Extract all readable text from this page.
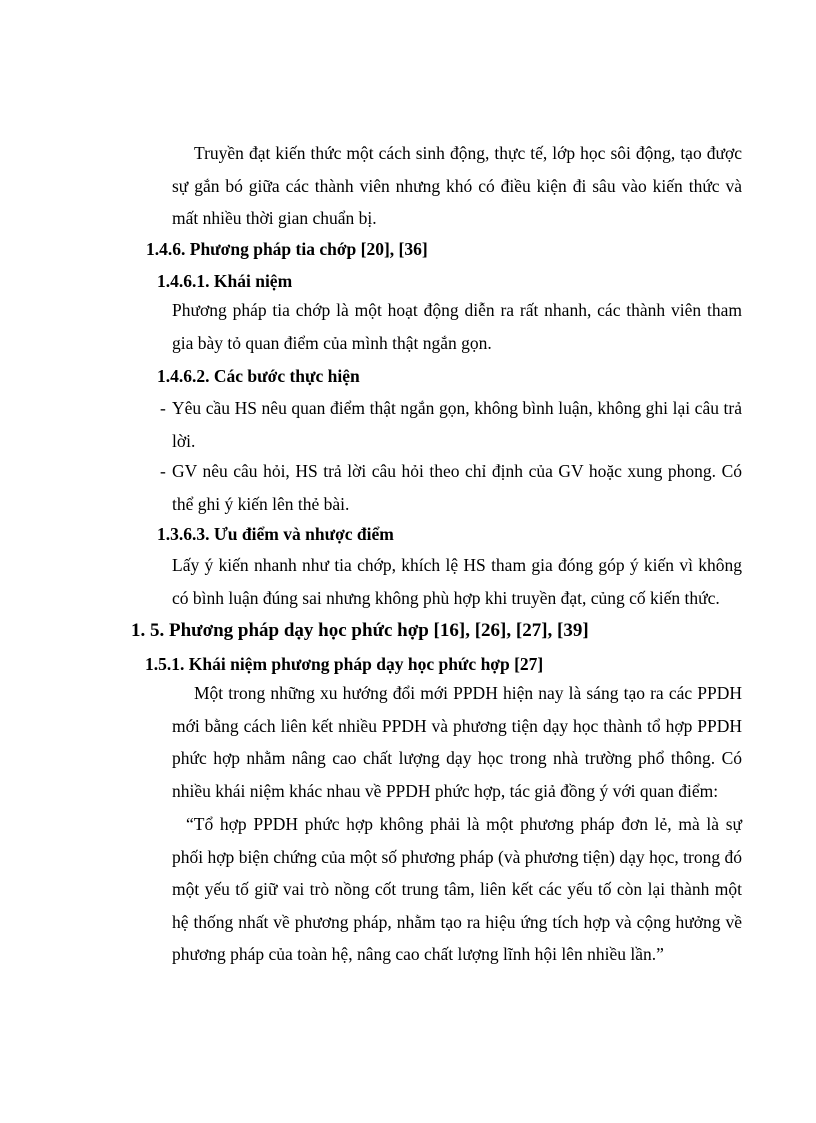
Truyền đạt kiến thức một cách sinh động, thực tế, lớp học sôi động, tạo được sự gắn bó giữa các thành viên nhưng khó có điều kiện đi sâu vào kiến thức và mất nhiều thời gian chuẩn bị.

1.4.6. Phương pháp tia chớp [20], [36]
1.4.6.1. Khái niệm

Phương pháp tia chớp là một hoạt động diễn ra rất nhanh, các thành viên tham gia bày tỏ quan điểm của mình thật ngắn gọn.

1.4.6.2. Các bước thực hiện
- Yêu cầu HS nêu quan điểm thật ngắn gọn, không bình luận, không ghi lại câu trả lời.

- GV nêu câu hỏi, HS trả lời câu hỏi theo chỉ định của GV hoặc xung phong. Có thể ghi ý kiến lên thẻ bài.

1.3.6.3. Ưu điểm và nhược điểm

Lấy ý kiến nhanh như tia chớp, khích lệ HS tham gia đóng góp ý kiến vì không có bình luận đúng sai nhưng không phù hợp khi truyền đạt, củng cố kiến thức.

1. 5. Phương pháp dạy học phức hợp [16], [26], [27], [39]
1.5.1. Khái niệm phương pháp dạy học phức hợp [27]

Một trong những xu hướng đổi mới PPDH hiện nay là sáng tạo ra các PPDH mới bằng cách liên kết nhiều PPDH và phương tiện dạy học thành tổ hợp PPDH phức hợp nhằm nâng cao chất lượng dạy học trong nhà trường phổ thông. Có nhiều khái niệm khác nhau về PPDH phức hợp, tác giả đồng ý với quan điểm:

“Tổ hợp PPDH phức hợp không phải là một phương pháp đơn lẻ, mà là sự phối hợp biện chứng của một số phương pháp (và phương tiện) dạy học, trong đó một yếu tố giữ vai trò nồng cốt trung tâm, liên kết các yếu tố còn lại thành một hệ thống nhất về phương pháp, nhằm tạo ra hiệu ứng tích hợp và cộng hưởng về phương pháp của toàn hệ, nâng cao chất lượng lĩnh hội lên nhiều lần.”
